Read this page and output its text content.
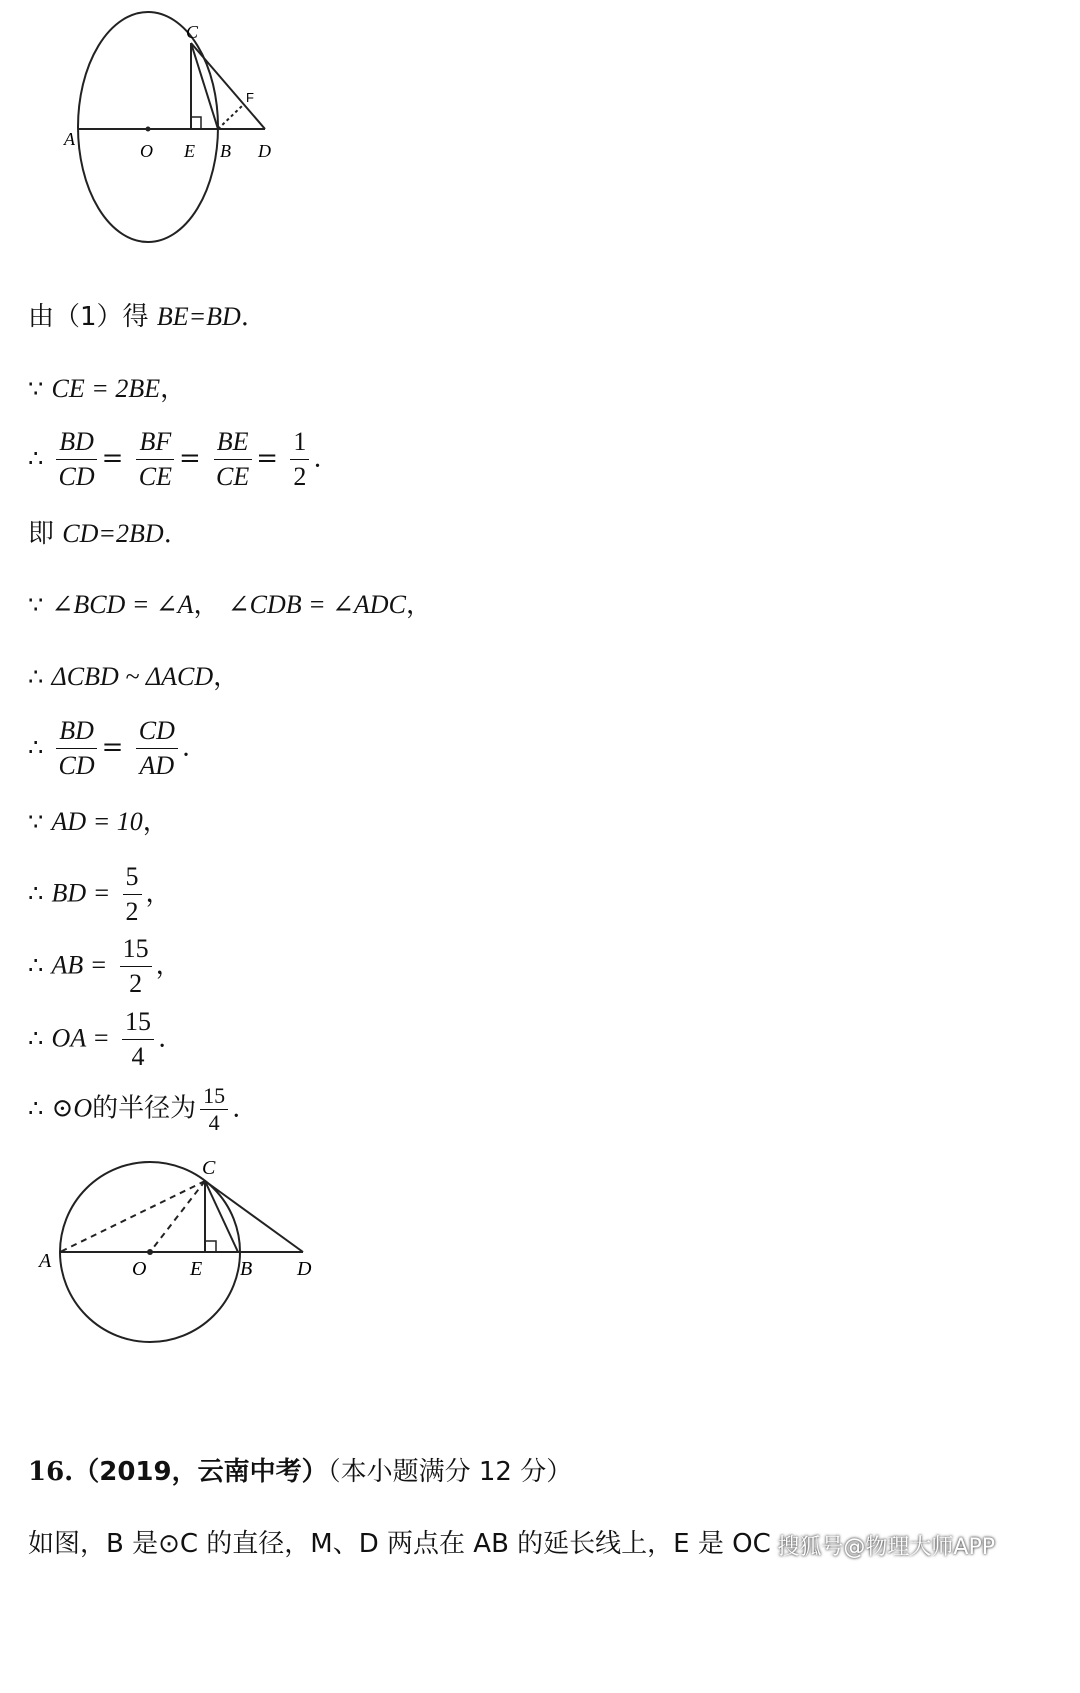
A
O E B D
C
F
由（1）得 BE=BD.
∵ CE = 2BE，
∴ $\frac{BD}{CD} = \frac{BF}{CE} = \frac{BE}{CE} = \frac{1}{2}$ .
即 CD=2BD.
∵ ∠BCD = ∠A， ∠CDB = ∠ADC，
∴ ΔCBD ~ ΔACD，
∴ $\frac{BD}{CD} = \frac{CD}{AD}$ .
∵ AD = 10，
∴ BD = $\frac{5}{2}$ ，
∴ AB = $\frac{15}{2}$ ，
∴ OA = $\frac{15}{4}$ .
∴ ⊙O的半径为 $\frac{15}{4}$ .
A	O E B D
C
16.（2019，云南中考）（本小题满分 12 分）
如图，B 是⊙C 的直径，M、D 两点在 AB 的延长线上，E 是 OC 搜狐号@物理大师APP
